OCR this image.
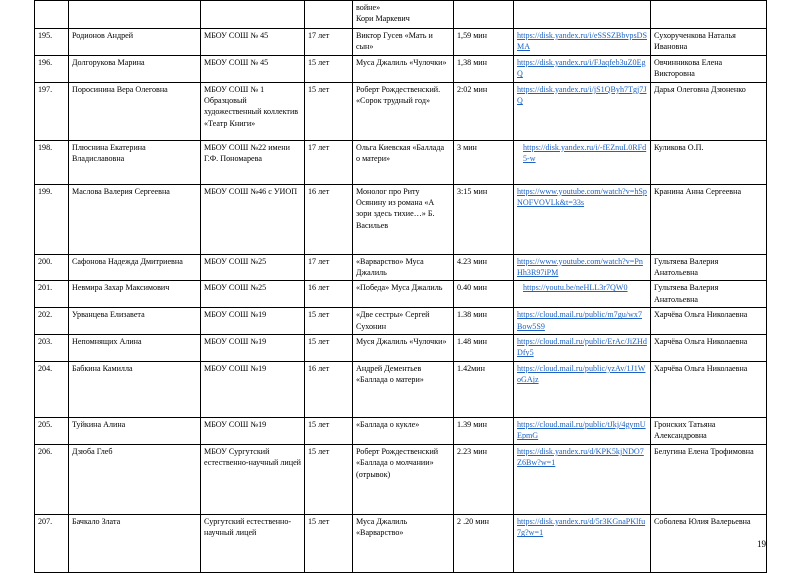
				войне»
Кори Маркевич			

195.	Родионов Андрей	МБОУ СОШ № 45	17 лет	Виктор Гусев «Мать и сын»	1,59 мин	https://disk.yandex.ru/i/eSSSZBbvpsDSMA	Сухорученкова Наталья Ивановна
196.	Долгорукова Марина	МБОУ СОШ № 45	15 лет	Муса Джалиль «Чулочки»	1,38 мин	https://disk.yandex.ru/i/FJaqfeb3uZ0EgQ	Овчинникова Елена Викторовна
197.	Поросинина Вера Олеговна	МБОУ СОШ № 1 Образцовый художественный коллектив «Театр Книги»	15 лет	Роберт Рождественский. «Сорок трудный год»	2:02 мин	https://disk.yandex.ru/i/jS1QByh7Tgj7JQ	Дарья Олеговна Дзюненко
198.	Плюснина Екатерина Владиславовна	МБОУ СОШ №22 имени Г.Ф. Пономарева	17 лет	Ольга Киевская «Баллада о матери»	3 мин	https://disk.yandex.ru/i/-fEZnuL0RFd5-w	Куликова О.П.
199.	Маслова Валерия Сергеевна	МБОУ СОШ №46 с УИОП	16 лет	Монолог про Риту Осянину из романа «А зори здесь тихие…» Б. Васильев	3:15 мин	https://www.youtube.com/watch?v=hSpNOFVOVLk&t=33s	Кранина Анна Сергеевна
200.	Сафонова Надежда Дмитриевна	МБОУ СОШ №25	17 лет	«Варварство» Муса Джалиль	4.23 мин	https://www.youtube.com/watch?v=PnHh3R97iPM	Гультяева Валерия Анатольевна
201.	Невмира Захар Максимович	МБОУ СОШ №25	16 лет	«Победа» Муса Джалиль	0.40 мин	https://youtu.be/neHLL3r7QW0	Гультяева Валерия Анатольевна
202.	Урванцева Елизавета	МБОУ СОШ №19	15 лет	«Две сестры» Сергей Сухонин	1.38 мин	https://cloud.mail.ru/public/m7gu/wx7Bow5S9	Харчёва Ольга Николаевна
203.	Непомнящих Алина	МБОУ СОШ №19	15 лет	Муся Джалиль «Чулочки»	1.48 мин	https://cloud.mail.ru/public/ErAc/JiZHdDfy5	Харчёва Ольга Николаевна
204.	Бабкина Камилла	МБОУ СОШ №19	16 лет	Андрей Дементьев «Баллада о матери»	1.42мин	https://cloud.mail.ru/public/yzAv/1J1WoGAjz	Харчёва Ольга Николаевна
205.	Туйкина Алина	МБОУ СОШ №19	15 лет	«Баллада о кукле»	1.39 мин	https://cloud.mail.ru/public/tJkj/4gymUEpmG	Гронских Татьяна Александровна
206.	Дзюба Глеб	МБОУ Сургутский естественно-научный лицей	15 лет	Роберт Рождественский «Баллада о молчании» (отрывок)	2.23 мин	https://disk.yandex.ru/d/KPK5kjNDO7Z6Bw?w=1	Белугина Елена Трофимовна
207.	Бачкало Злата	Сургутский естественно-научный лицей	15 лет	Муса Джалиль «Варварство»	2 .20 мин	https://disk.yandex.ru/d/5r3KGnaPKlfu7g?w=1	Соболева Юлия Валерьевна
19
